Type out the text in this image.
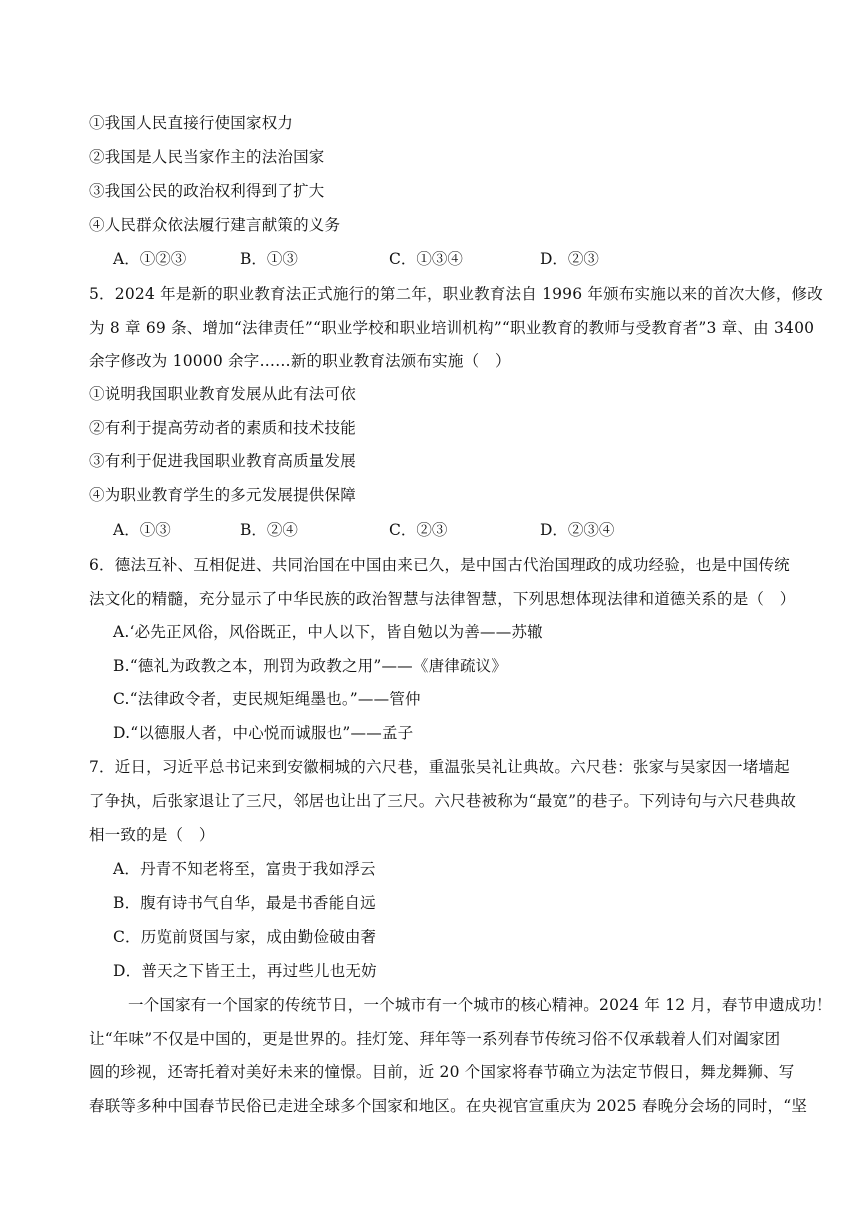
①我国人民直接行使国家权力
②我国是人民当家作主的法治国家
③我国公民的政治权利得到了扩大
④人民群众依法履行建言献策的义务
A．①②③	B．①③	C．①③④	D．②③
5．2024 年是新的职业教育法正式施行的第二年，职业教育法自 1996 年颁布实施以来的首次大修，修改
为 8 章 69 条、增加“法律责任”“职业学校和职业培训机构”“职业教育的教师与受教育者”3 章、由 3400
余字修改为 10000 余字……新的职业教育法颁布实施（　）
①说明我国职业教育发展从此有法可依
②有利于提高劳动者的素质和技术技能
③有利于促进我国职业教育高质量发展
④为职业教育学生的多元发展提供保障
A．①③	B．②④	C．②③	D．②③④
6．德法互补、互相促进、共同治国在中国由来已久，是中国古代治国理政的成功经验，也是中国传统
法文化的精髓，充分显示了中华民族的政治智慧与法律智慧，下列思想体现法律和道德关系的是（　）
A.‘必先正风俗，风俗既正，中人以下，皆自勉以为善——苏辙
B.“德礼为政教之本，刑罚为政教之用”——《唐律疏议》
C.“法律政令者，吏民规矩绳墨也。”——管仲
D.“以德服人者，中心悦而诚服也”——孟子
7．近日，习近平总书记来到安徽桐城的六尺巷，重温张吴礼让典故。六尺巷：张家与吴家因一堵墙起
了争执，后张家退让了三尺，邻居也让出了三尺。六尺巷被称为“最宽”的巷子。下列诗句与六尺巷典故
相一致的是（　）
A．丹青不知老将至，富贵于我如浮云
B．腹有诗书气自华，最是书香能自远
C．历览前贤国与家，成由勤俭破由奢
D．普天之下皆王土，再过些儿也无妨
一个国家有一个国家的传统节日，一个城市有一个城市的核心精神。2024 年 12 月，春节申遗成功！
让“年味”不仅是中国的，更是世界的。挂灯笼、拜年等一系列春节传统习俗不仅承载着人们对阖家团
圆的珍视，还寄托着对美好未来的憧憬。目前，近 20 个国家将春节确立为法定节假日，舞龙舞狮、写
春联等多种中国春节民俗已走进全球多个国家和地区。在央视官宣重庆为 2025 春晚分会场的同时，“坚
